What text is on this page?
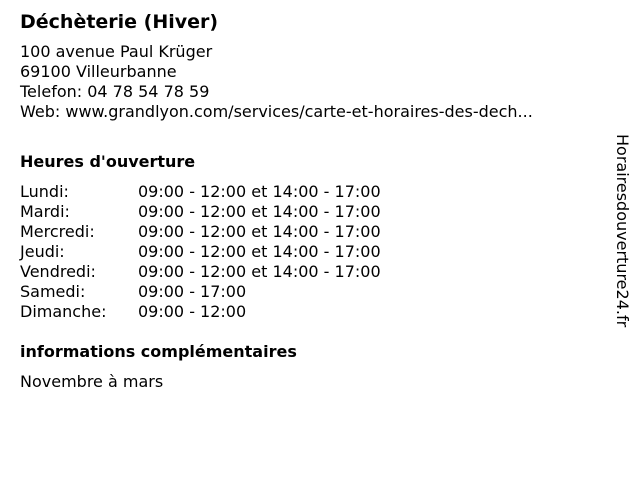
Déchèterie (Hiver)
100 avenue Paul Krüger
69100 Villeurbanne
Telefon: 04 78 54 78 59
Web: www.grandlyon.com/services/carte-et-horaires-des-dech...
Heures d'ouverture
Lundi:	09:00 - 12:00 et 14:00 - 17:00
Mardi:	09:00 - 12:00 et 14:00 - 17:00
Mercredi:	09:00 - 12:00 et 14:00 - 17:00
Jeudi:	09:00 - 12:00 et 14:00 - 17:00
Vendredi:	09:00 - 12:00 et 14:00 - 17:00
Samedi:	09:00 - 17:00
Dimanche:	09:00 - 12:00
informations complémentaires
Novembre à mars
Horairesdouverture24.fr
